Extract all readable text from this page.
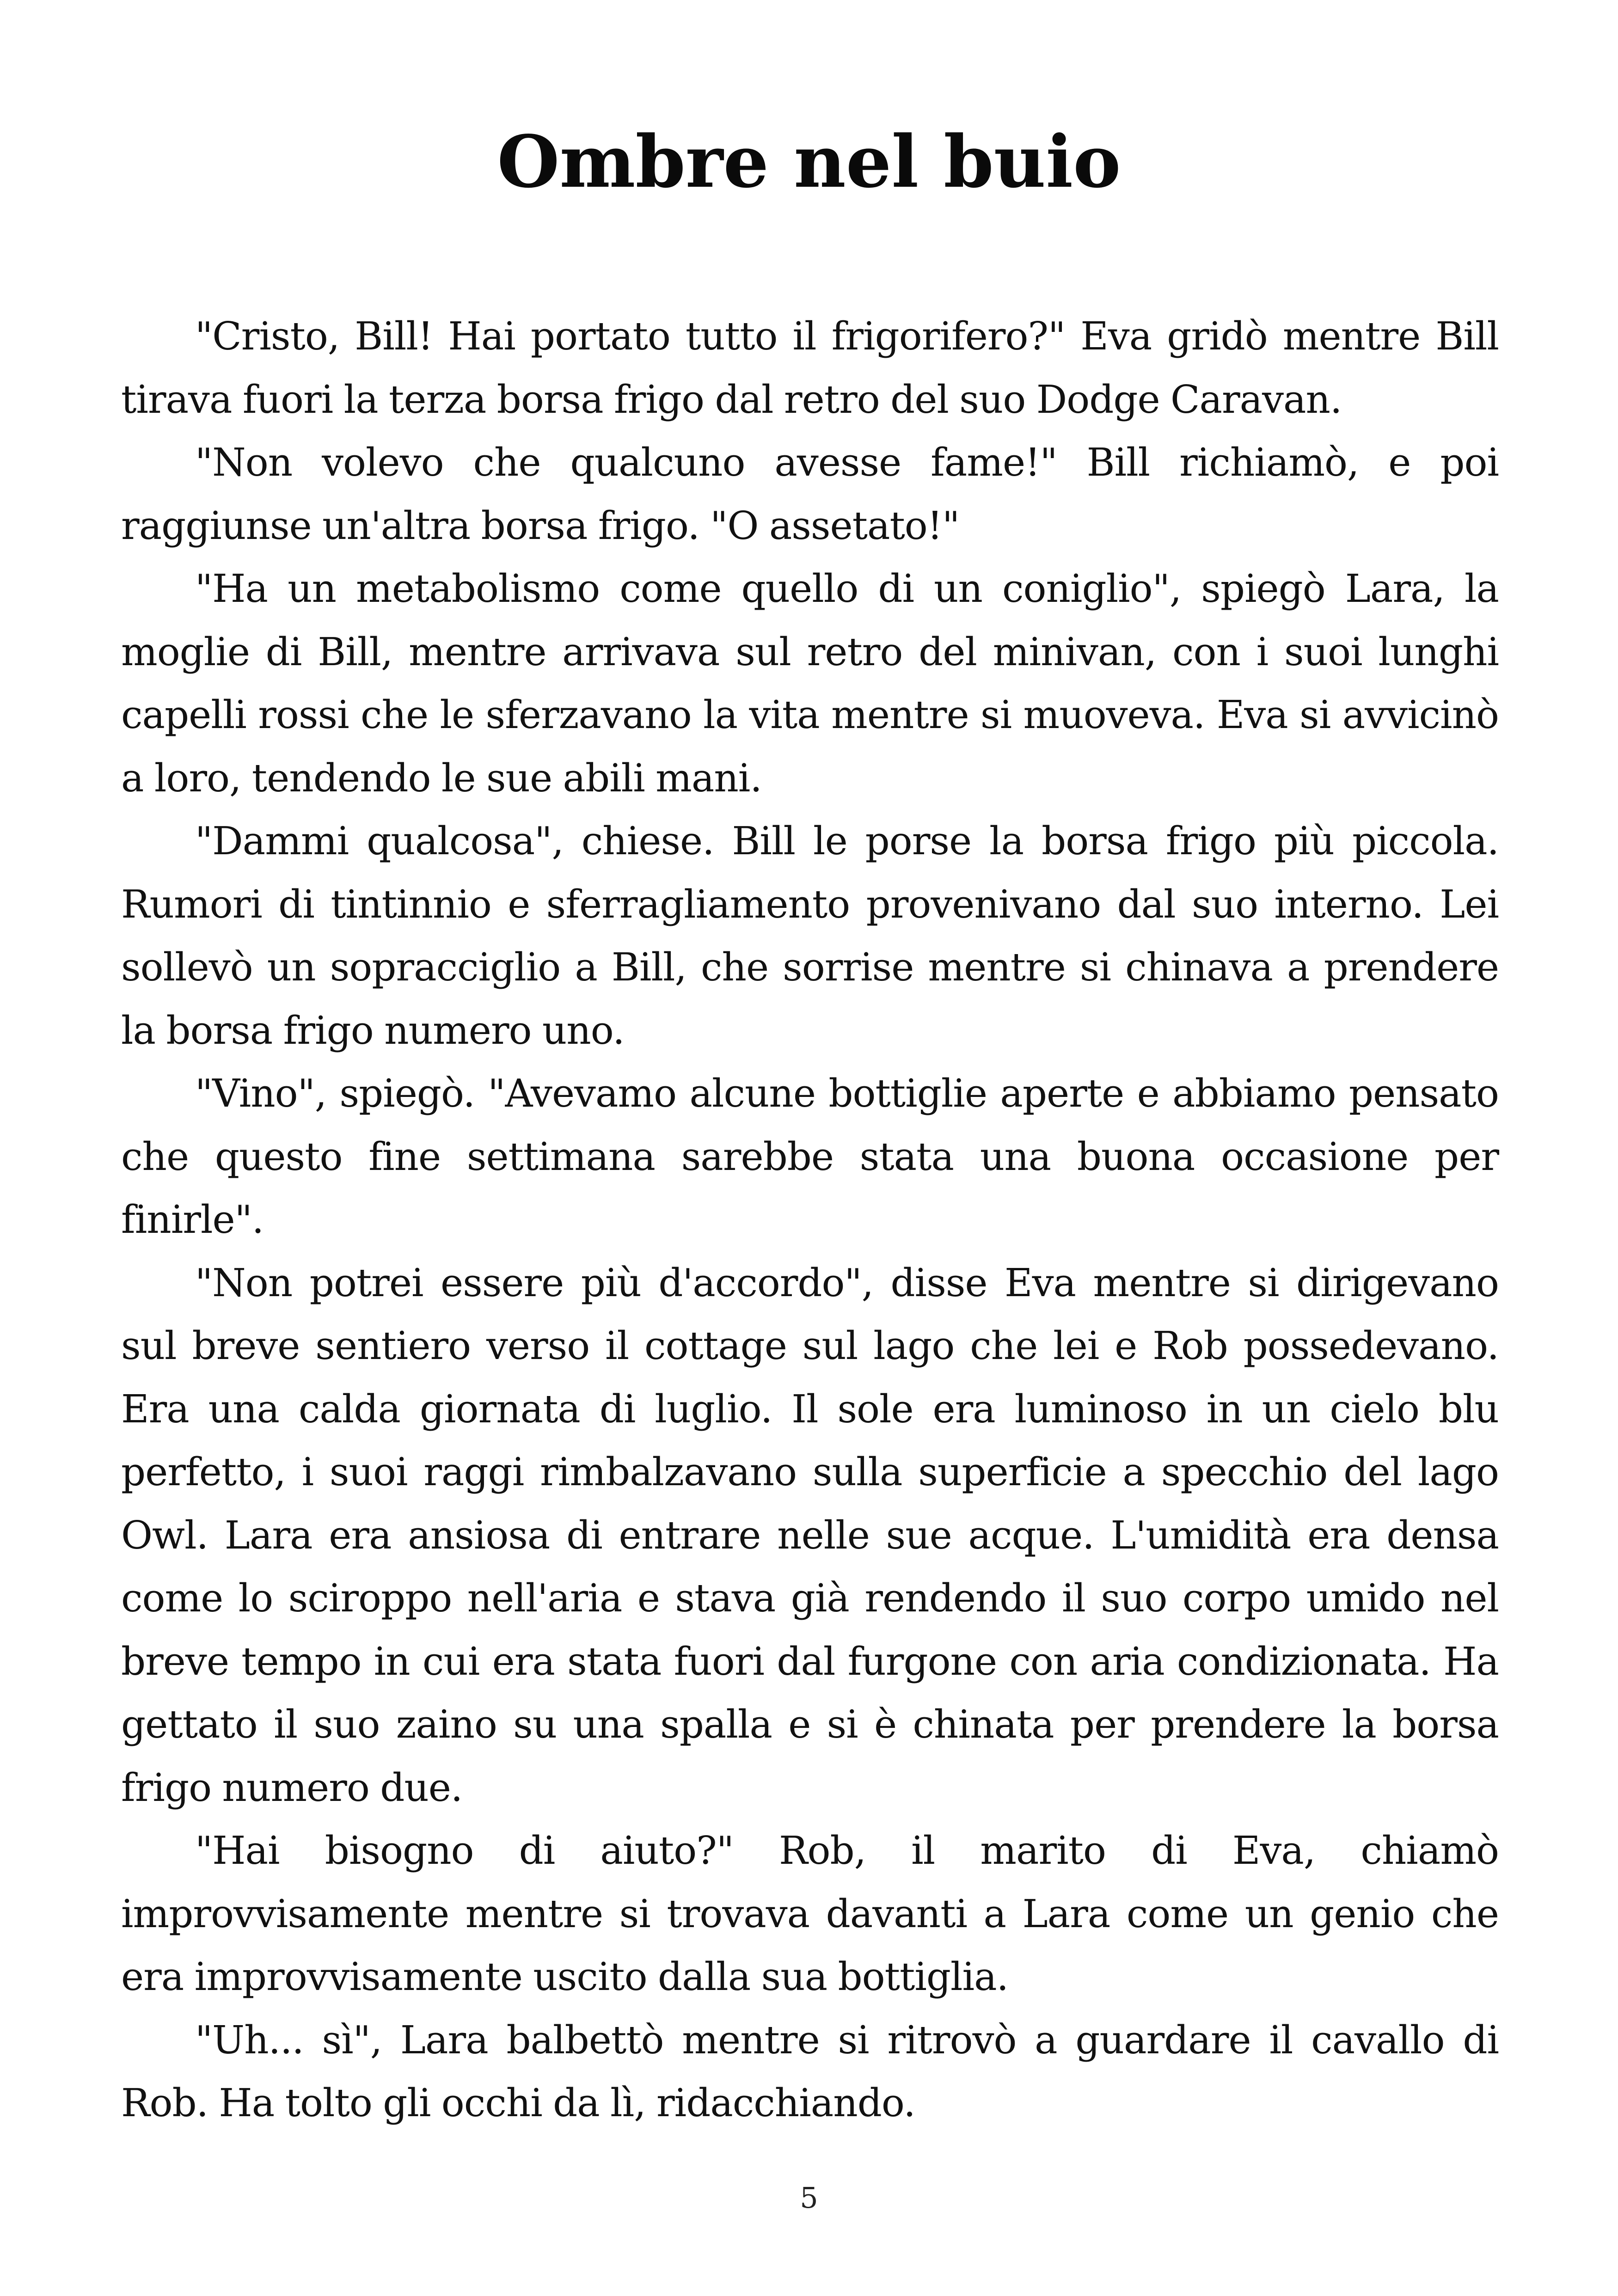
Ombre nel buio

"Cristo, Bill! Hai portato tutto il frigorifero?" Eva gridò mentre Bill tirava fuori la terza borsa frigo dal retro del suo Dodge Caravan.

"Non volevo che qualcuno avesse fame!" Bill richiamò, e poi raggiunse un'altra borsa frigo. "O assetato!"

"Ha un metabolismo come quello di un coniglio", spiegò Lara, la moglie di Bill, mentre arrivava sul retro del minivan, con i suoi lunghi capelli rossi che le sferzavano la vita mentre si muoveva. Eva si avvicinò a loro, tendendo le sue abili mani.

"Dammi qualcosa", chiese. Bill le porse la borsa frigo più piccola. Rumori di tintinnio e sferragliamento provenivano dal suo interno. Lei sollevò un sopracciglio a Bill, che sorrise mentre si chinava a prendere la borsa frigo numero uno.

"Vino", spiegò. "Avevamo alcune bottiglie aperte e abbiamo pensato che questo fine settimana sarebbe stata una buona occasione per finirle".

"Non potrei essere più d'accordo", disse Eva mentre si dirigevano sul breve sentiero verso il cottage sul lago che lei e Rob possedevano. Era una calda giornata di luglio. Il sole era luminoso in un cielo blu perfetto, i suoi raggi rimbalzavano sulla superficie a specchio del lago Owl. Lara era ansiosa di entrare nelle sue acque. L'umidità era densa come lo sciroppo nell'aria e stava già rendendo il suo corpo umido nel breve tempo in cui era stata fuori dal furgone con aria condizionata. Ha gettato il suo zaino su una spalla e si è chinata per prendere la borsa frigo numero due.

"Hai bisogno di aiuto?" Rob, il marito di Eva, chiamò improvvisamente mentre si trovava davanti a Lara come un genio che era improvvisamente uscito dalla sua bottiglia.

"Uh... sì", Lara balbettò mentre si ritrovò a guardare il cavallo di Rob. Ha tolto gli occhi da lì, ridacchiando.

5
